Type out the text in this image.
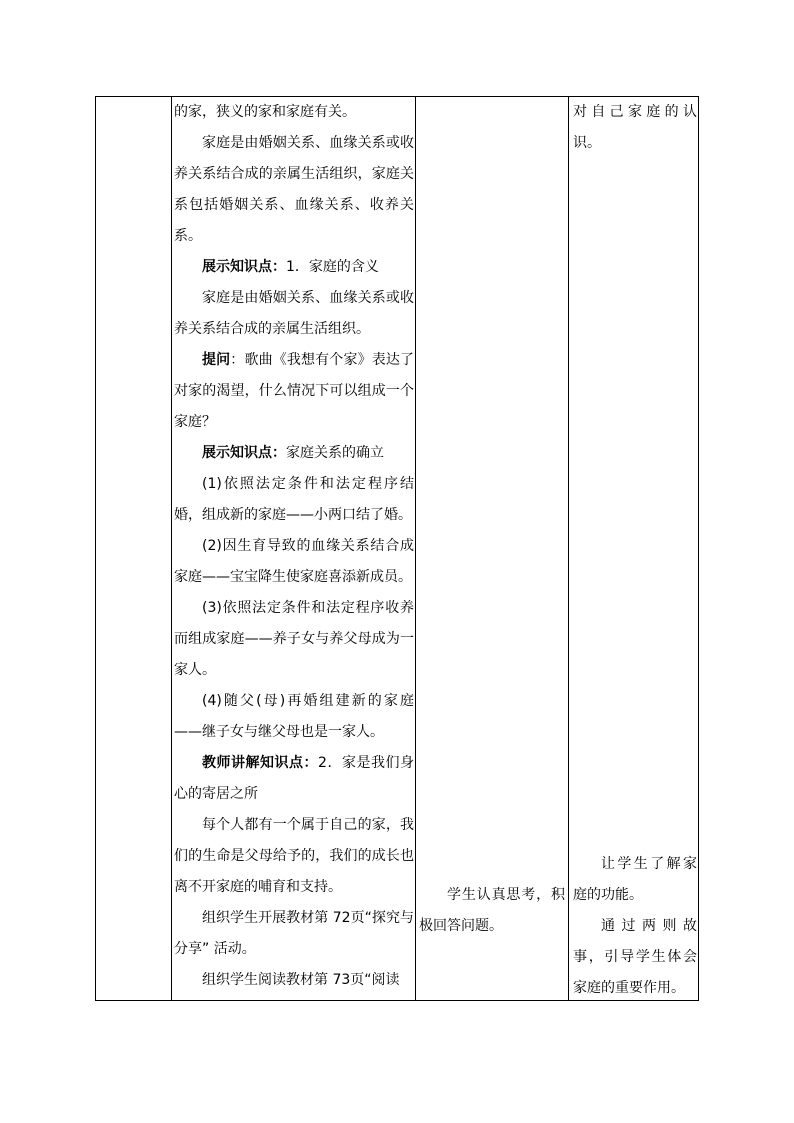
的家，狭义的家和家庭有关。

家庭是由婚姻关系、血缘关系或收养关系结合成的亲属生活组织，家庭关系包括婚姻关系、血缘关系、收养关系。

展示知识点：1．家庭的含义

家庭是由婚姻关系、血缘关系或收养关系结合成的亲属生活组织。

提问：歌曲《我想有个家》表达了对家的渴望，什么情况下可以组成一个家庭？

展示知识点：家庭关系的确立

(1)依照法定条件和法定程序结婚，组成新的家庭——小两口结了婚。

(2)因生育导致的血缘关系结合成家庭——宝宝降生使家庭喜添新成员。

(3)依照法定条件和法定程序收养而组成家庭——养子女与养父母成为一家人。

(4)随父(母)再婚组建新的家庭——继子女与继父母也是一家人。

教师讲解知识点：2．家是我们身心的寄居之所

每个人都有一个属于自己的家，我们的生命是父母给予的，我们的成长也离不开家庭的哺育和支持。

组织学生开展教材第 72页“探究与分享” 活动。

组织学生阅读教材第 73页“阅读

学生认真思考，积极回答问题。

对自己家庭的认识。

让学生了解家庭的功能。

通过两则故事，引导学生体会家庭的重要作用。
